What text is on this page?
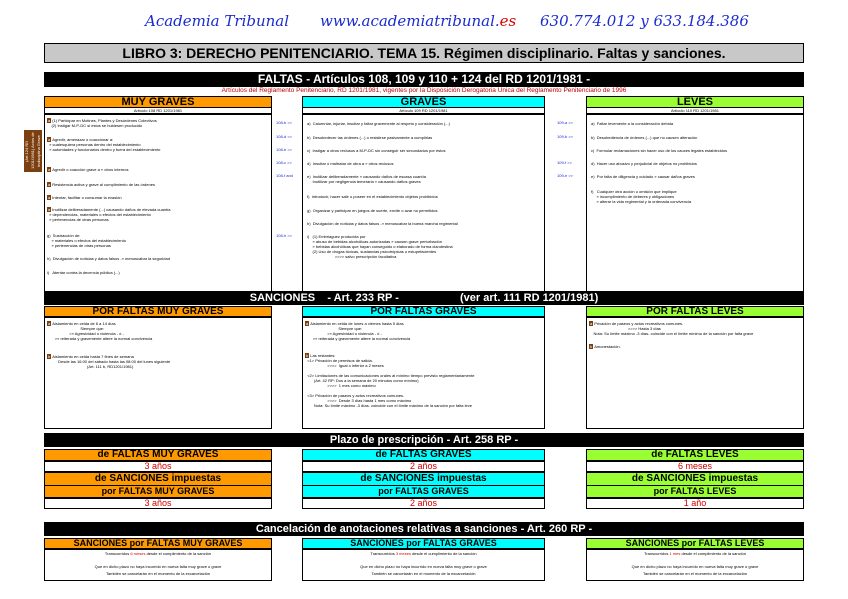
Academia Tribunal www.academiatribunal.es 630.774.012 y 633.184.386
LIBRO 3: DERECHO PENITENCIARIO. TEMA 15. Régimen disciplinario. Faltas y sanciones.
FALTAS - Artículos 108, 109 y 110 + 124 del RD 1201/1981 -
Artículos del Reglamento Penitenciario, RD 1201/1981, vigentes por la Disposición Derogatoria Única del Reglamento Penitenciario de 1996
(Art 124 RD 1201/1981) Actos de Indisciplina Grave
MUY GRAVES
Artículo 108 RD 1201/1981
a (1) Participar en Motines, Plantes y Desórdenes Colectivos
(2) Instigar M-P-DC si estos se hubiesen producido
a Agredir, amenazar o coaccionar a:
» cualesquiera personas dentro del establecimiento
» autoridades y funcionarios dentro y fuera del establecimiento
a Agredir o coacción grave a » otros internos
a Resistencia activa y grave al cumplimiento de las órdenes
a Intentar, facilitar o consumar la evasión
a Inutilizar deliberadamente (...) causando daños de elevada cuantía
» dependencias, materiales o efectos del establecimiento
» pertenencias de otras personas
g)  Sustracción de:
» materiales o efectos del establecimiento
» pertenencias de otras personas
h)  Divulgación de noticias y datos falsos -» menoscabar la seguridad
i)   Atentar contra la decencia pública (...)
GRAVES
Artículo 109 RD 1201/1981
a)  Calumniar, injuriar, insultar y faltar gravemente al respeto y consideración (...)
b)  Desobedecer las órdenes (...) o resistirse pasivamente a cumplirlas
c)  Instigar a otros reclusos a M-P-DC sin conseguir ser secundados por éstos
d)  Insultar o maltratar de obra a » otros reclusos
e)  Inutilizar deliberadamente » causando daños de escasa cuantía
Inutilizar por negligencia temeraria » causando daños graves
f)  Introducir, hacer salir o poseer en el establecimiento objetos prohibidos
g)  Organizar y participar en juegos de suerte, envite o azar no permitidos
h)  Divulgación de noticias y datos falsos -» menoscabar la buena marcha regimental
i)   (1) Embriaguez producida por
» abuso de bebidas alcohólicas autorizadas » causen grave perturbación
» bebidas alcohólicas que hayan conseguido o elaborado de forma clandestina
(2) Uso de drogas tóxicas, sustancias psicotrópicas o estupefacientes
>>>> salvo prescripción facultativa
LEVES
Artículo 110 RD 1201/1981
a)  Faltar levemente a la consideración debida
b)  Desobediencia de órdenes (...) que no causen alteración
c)  Formular reclamaciones sin hacer uso de los cauces legales establecidos
d)  Hacer uso abusivo y perjudicial de objetos no prohibidos
e)  Por falta de diligencia y cuidado » causar daños graves
f)   Cualquier otra acción u omisión que implique
» incumplimiento de deberes y obligaciones
» alterar la vida regimental y la ordenada convivencia
SANCIONES    - Art. 233 RP -                    (ver art. 111 RD 1201/1981)
POR FALTAS MUY GRAVES
a Aislamiento en celda de 6 a 14 días
Siempre que:
>» Agresividad o violencia - ó -
>» reiterada y gravemente altere la normal convivencia
b Aislamiento en celda hasta 7 fines de semana
Desde las 16:00 del sábado hasta las 08:00 del lunes siguiente
(Art. 111 b, RD1201/1981)
POR FALTAS GRAVES
a Aislamiento en celda de lunes a viernes hasta 5 días
Siempre que:
>» Agresividad o violencia - ó -
>» reiterada y gravemente altere la normal convivencia
b Las restantes:
<1> Privación de permisos de salida.
>>>>  Igual o inferior a 2 meses

<2> Limitaciones de las comunicaciones orales al mínimo tiempo previsto reglamentariamente
(Art. 42 RP: Dos a la semana de 20 minutos como mínimo)
>>>>  1 mes como máximo

<3> Privación de paseos y actos recreativos comunes.
>>>>  Desde 3 días hasta 1 mes como máximo
Nota: Su límite máximo -3 días- coincide con el límite máximo de la sanción por falta leve
POR FALTAS LEVES
a Privación de paseos y actos recreativos comunes.
>>>> Hasta 3 días
Nota: Su límite máximo -3 días- coincide con el límite mínimo de la sanción por falta grave
b Amonestación.
Plazo de prescripción - Art. 258 RP -
de FALTAS MUY GRAVES
3 años
de SANCIONES impuestas
por FALTAS MUY GRAVES
3 años
de FALTAS GRAVES
2 años
de SANCIONES impuestas
por FALTAS GRAVES
2 años
de FALTAS LEVES
6 meses
de SANCIONES impuestas
por FALTAS LEVES
1 año
Cancelación de anotaciones relativas a sanciones - Art. 260 RP -
SANCIONES por FALTAS MUY GRAVES
Transcurridos 6 meses desde el cumplimiento de la sanción
Que en dicho plazo no haya incurrido en nueva falta muy grave o grave
También se cancelarán en el momento de la excarcelación
SANCIONES por FALTAS GRAVES
Transcurridos 3 meses desde el cumplimiento de la sanción
Que en dicho plazo no haya incurrido en nueva falta muy grave o grave
También se cancelarán en el momento de la excarcelación
SANCIONES por FALTAS LEVES
Transcurridos 1 mes desde el cumplimiento de la sanción
Que en dicho plazo no haya incurrido en nueva falta muy grave o grave
También se cancelarán en el momento de la excarcelación
108-b >>
108-d >>
108-b >>
108-c >>
108-f and
108-h >>
109-a >>
109-b >>
109-f >>
109-e >>
